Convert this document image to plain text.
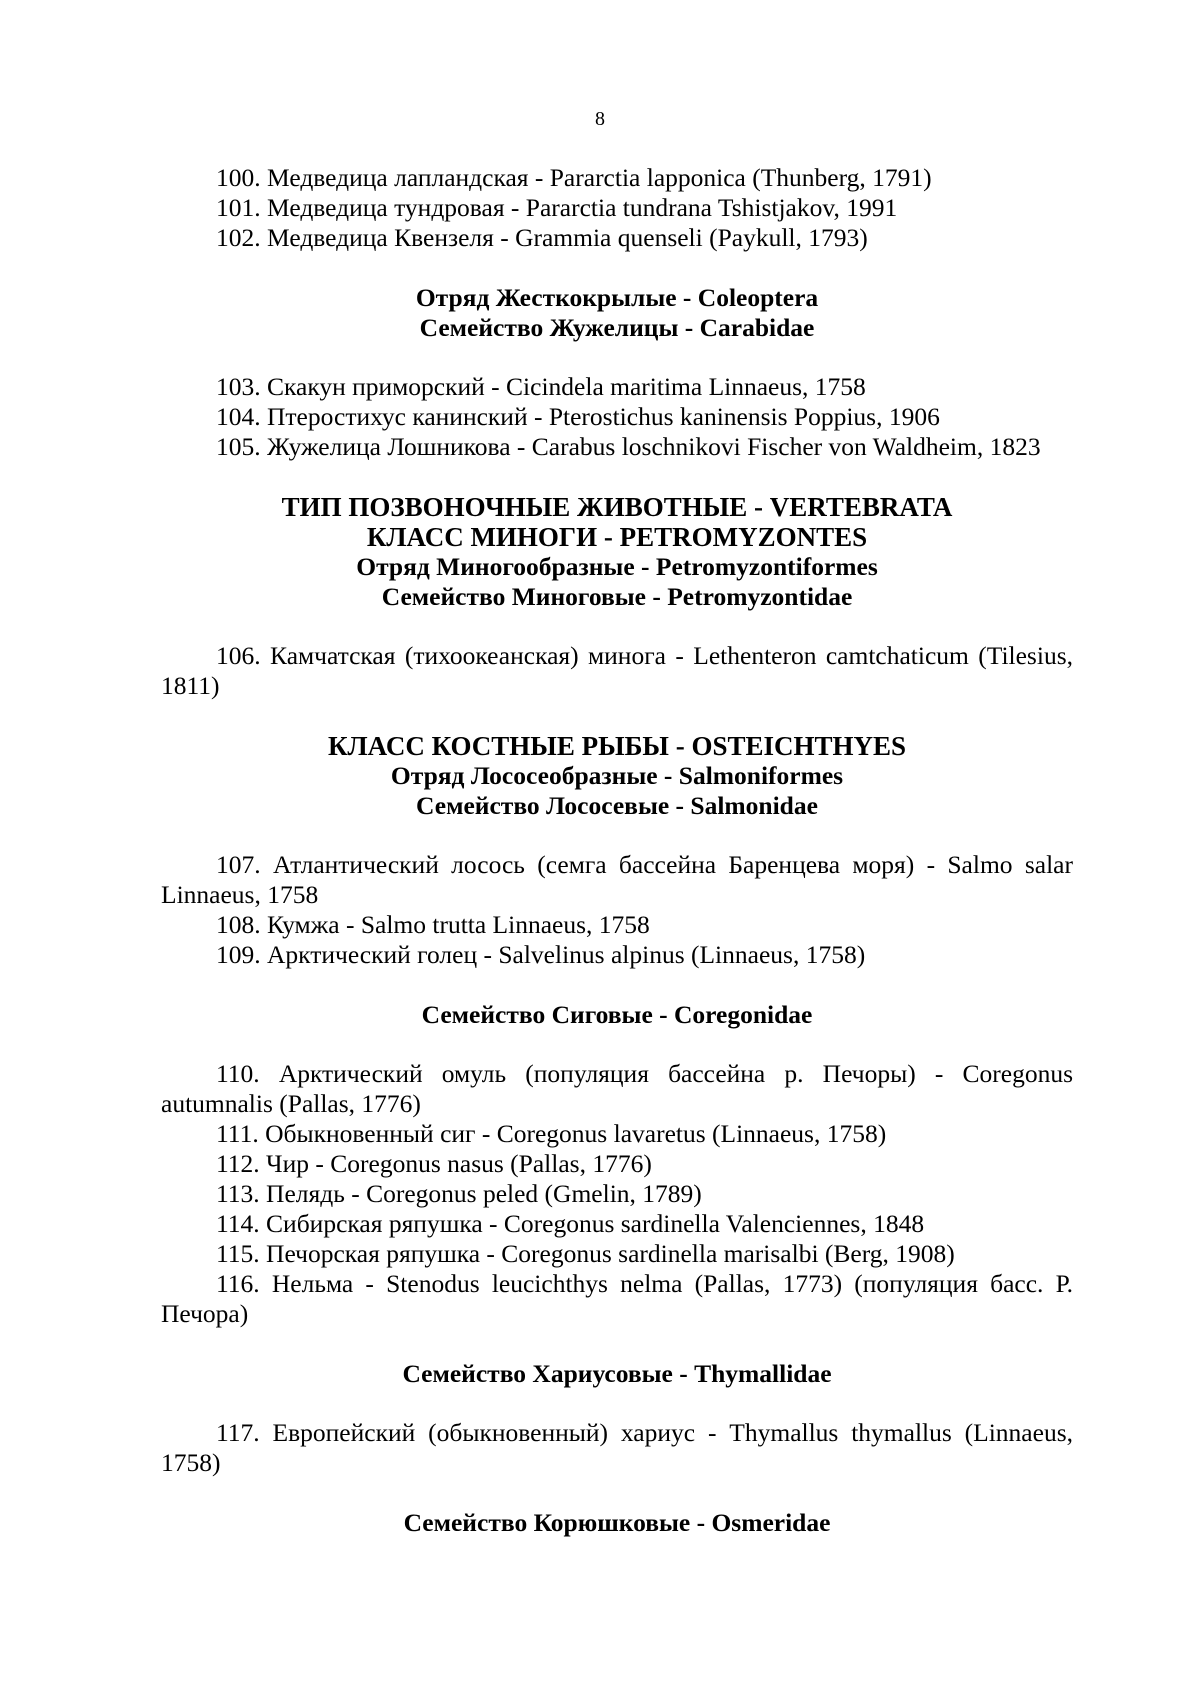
8

100. Медведица лапландская - Pararctia lapponica (Thunberg, 1791)

101. Медведица тундровая - Pararctia tundrana Tshistjakov, 1991

102. Медведица Квензеля - Grammia quenseli (Paykull, 1793)

Отряд Жесткокрылые - Coleoptera

Семейство Жужелицы - Carabidae

103. Скакун приморский - Cicindela maritima Linnaeus, 1758

104. Птеростихус канинский - Pterostichus kaninensis Poppius, 1906

105. Жужелица Лошникова - Carabus loschnikovi Fischer von Waldheim, 1823

ТИП ПОЗВОНОЧНЫЕ ЖИВОТНЫЕ - VERTEBRATA

КЛАСС МИНОГИ - PETROMYZONTES

Отряд Миногообразные - Petromyzontiformes

Семейство Миноговые - Petromyzontidae

106. Камчатская (тихоокеанская) минога - Lethenteron camtchaticum (Tilesius, 1811)

КЛАСС КОСТНЫЕ РЫБЫ - OSTEICHTHYES

Отряд Лососеобразные - Salmoniformes

Семейство Лососевые - Salmonidae

107. Атлантический лосось (семга бассейна Баренцева моря) - Salmo salar Linnaeus, 1758

108. Кумжа - Salmo trutta Linnaeus, 1758

109. Арктический голец - Salvelinus alpinus (Linnaeus, 1758)

Семейство Сиговые - Coregonidae

110. Арктический омуль (популяция бассейна р. Печоры) - Coregonus autumnalis (Pallas, 1776)

111. Обыкновенный сиг - Coregonus lavaretus (Linnaeus, 1758)

112. Чир - Coregonus nasus (Pallas, 1776)

113. Пелядь - Coregonus peled (Gmelin, 1789)

114. Сибирская ряпушка - Coregonus sardinella Valenciennes, 1848

115. Печорская ряпушка - Coregonus sardinella marisalbi (Berg, 1908)

116. Нельма - Stenodus leucichthys nelma (Pallas, 1773) (популяция басс. Р. Печора)

Семейство Хариусовые - Thymallidae

117. Европейский (обыкновенный) хариус - Thymallus thymallus (Linnaeus, 1758)

Семейство Корюшковые - Osmeridae
